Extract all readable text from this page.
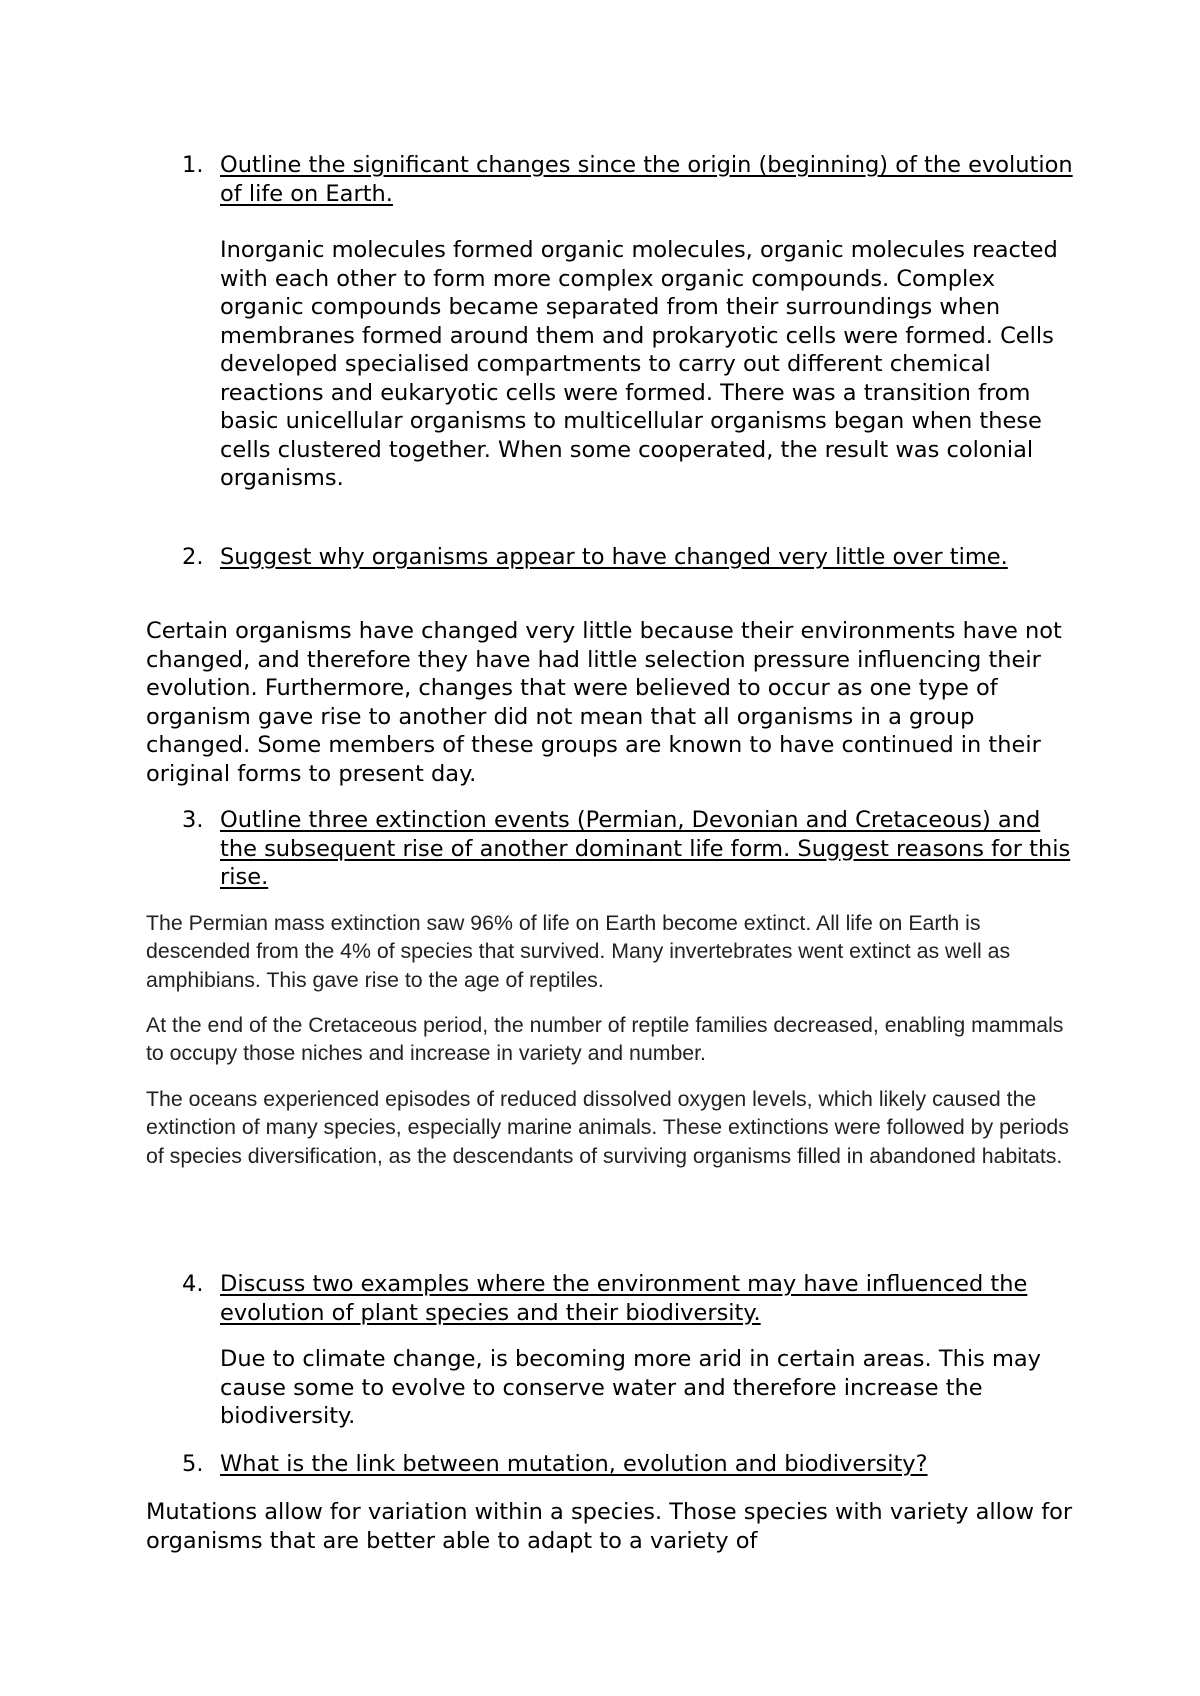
1. Outline the significant changes since the origin (beginning) of the evolution of life on Earth.
Inorganic molecules formed organic molecules, organic molecules reacted with each other to form more complex organic compounds. Complex organic compounds became separated from their surroundings when membranes formed around them and prokaryotic cells were formed. Cells developed specialised compartments to carry out different chemical reactions and eukaryotic cells were formed. There was a transition from basic unicellular organisms to multicellular organisms began when these cells clustered together. When some cooperated, the result was colonial organisms.
2. Suggest why organisms appear to have changed very little over time.
Certain organisms have changed very little because their environments have not changed, and therefore they have had little selection pressure influencing their evolution. Furthermore, changes that were believed to occur as one type of organism gave rise to another did not mean that all organisms in a group changed. Some members of these groups are known to have continued in their original forms to present day.
3. Outline three extinction events (Permian, Devonian and Cretaceous) and the subsequent rise of another dominant life form. Suggest reasons for this rise.
The Permian mass extinction saw 96% of life on Earth become extinct. All life on Earth is descended from the 4% of species that survived. Many invertebrates went extinct as well as amphibians. This gave rise to the age of reptiles.
At the end of the Cretaceous period, the number of reptile families decreased, enabling mammals to occupy those niches and increase in variety and number.
The oceans experienced episodes of reduced dissolved oxygen levels, which likely caused the extinction of many species, especially marine animals. These extinctions were followed by periods of species diversification, as the descendants of surviving organisms filled in abandoned habitats.
4. Discuss two examples where the environment may have influenced the evolution of plant species and their biodiversity.
Due to climate change, is becoming more arid in certain areas. This may cause some to evolve to conserve water and therefore increase the biodiversity.
5. What is the link between mutation, evolution and biodiversity?
Mutations allow for variation within a species. Those species with variety allow for organisms that are better able to adapt to a variety of
